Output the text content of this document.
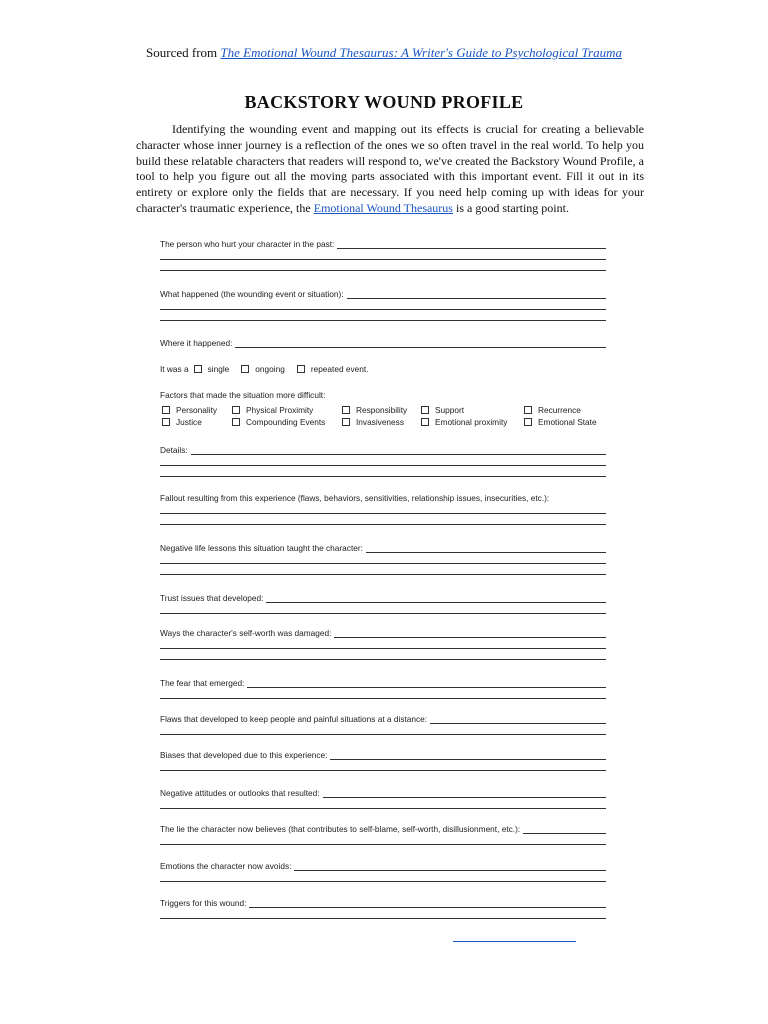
Sourced from The Emotional Wound Thesaurus: A Writer's Guide to Psychological Trauma
BACKSTORY WOUND PROFILE

Identifying the wounding event and mapping out its effects is crucial for creating a believable character whose inner journey is a reflection of the ones we so often travel in the real world. To help you build these relatable characters that readers will respond to, we've created the Backstory Wound Profile, a tool to help you figure out all the moving parts associated with this important event. Fill it out in its entirety or explore only the fields that are necessary. If you need help coming up with ideas for your character's traumatic experience, the Emotional Wound Thesaurus is a good starting point.

The person who hurt your character in the past:
What happened (the wounding event or situation):
Where it happened:
It was a single	ongoing	repeated event.
Factors that made the situation more difficult:
Personality	Physical Proximity	Responsibility	Support	Recurrence
Justice	Compounding Events	Invasiveness	Emotional proximity	Emotional State
Details:
Fallout resulting from this experience (flaws, behaviors, sensitivities, relationship issues, insecurities, etc.):
Negative life lessons this situation taught the character:
Trust issues that developed:
Ways the character's self-worth was damaged:
The fear that emerged:
Flaws that developed to keep people and painful situations at a distance:
Biases that developed due to this experience:
Negative attitudes or outlooks that resulted:
The lie the character now believes (that contributes to self-blame, self-worth, disillusionment, etc.):
Emotions the character now avoids:
Triggers for this wound:
